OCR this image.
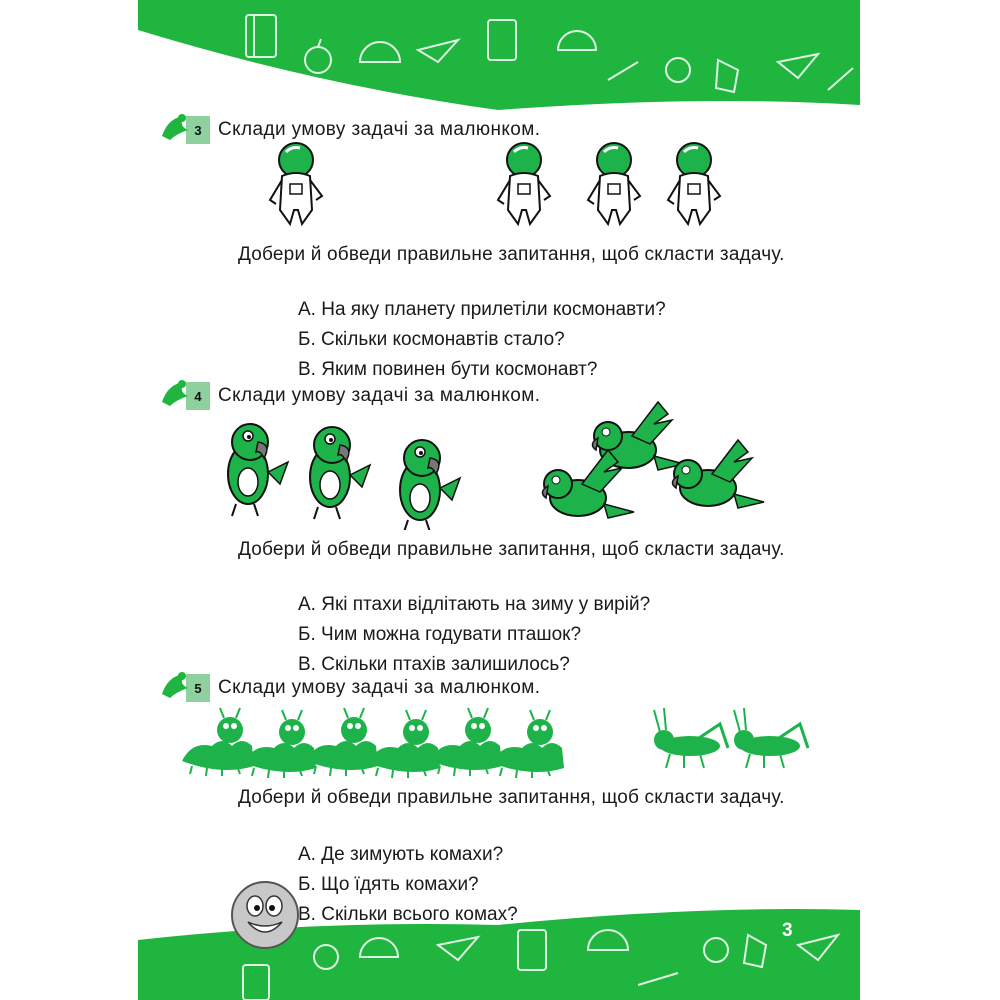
3
3 Склади умову задачі за малюнком.
Добери й обведи правильне запитання, щоб скласти задачу.
А. На яку планету прилетіли космонавти?
Б. Скільки космонавтів стало?
В. Яким повинен бути космонавт?
4 Склади умову задачі за малюнком.
Добери й обведи правильне запитання, щоб скласти задачу.
А. Які птахи відлітають на зиму у вирій?
Б. Чим можна годувати пташок?
В. Скільки птахів залишилось?
5 Склади умову задачі за малюнком.
Добери й обведи правильне запитання, щоб скласти задачу.
А. Де зимують комахи?
Б. Що їдять комахи?
В. Скільки всього комах?
